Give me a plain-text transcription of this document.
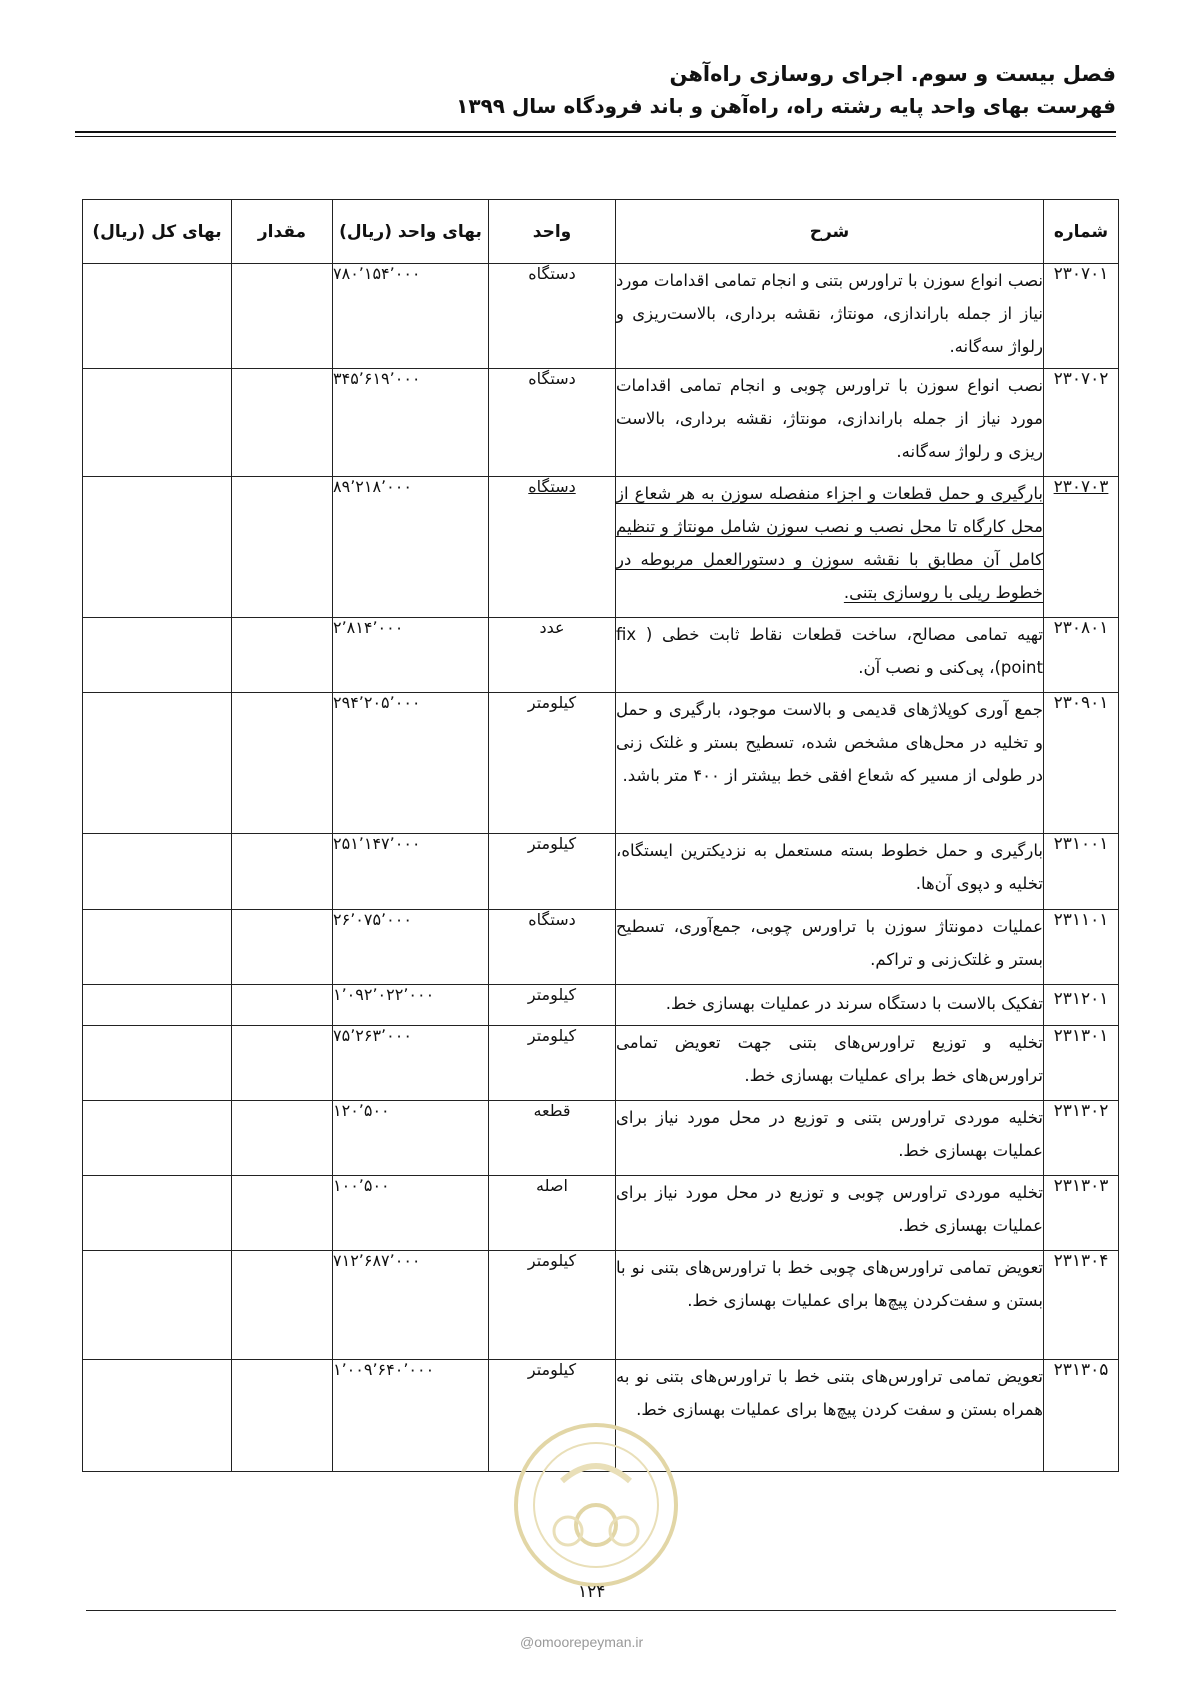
فصل بیست و سوم. اجرای روسازی راه‌آهن
فهرست بهای واحد پایه رشته راه، راه‌آهن و باند فرودگاه سال ۱۳۹۹
شماره	شرح	واحد	بهای واحد (ریال)	مقدار	بهای کل (ریال)
۲۳۰۷۰۱	نصب انواع سوزن با تراورس بتنی و انجام تمامی اقدامات مورد نیاز از جمله باراندازی، مونتاژ، نقشه برداری، بالاست‌ریزی و رلواژ سه‌گانه.	دستگاه	۷۸۰٬۱۵۴٬۰۰۰		
۲۳۰۷۰۲	نصب انواع سوزن با تراورس چوبی و انجام تمامی اقدامات مورد نیاز از جمله باراندازی، مونتاژ، نقشه برداری، بالاست ریزی و رلواژ سه‌گانه.	دستگاه	۳۴۵٬۶۱۹٬۰۰۰		
۲۳۰۷۰۳	بارگیری و حمل قطعات و اجزاء منفصله سوزن به هر شعاع از محل کارگاه تا محل نصب و نصب سوزن شامل مونتاژ و تنظیم کامل آن مطابق با نقشه سوزن و دستورالعمل مربوطه در خطوط ریلی با روسازی بتنی.	دستگاه	۸۹٬۲۱۸٬۰۰۰		
۲۳۰۸۰۱	تهیه تمامی مصالح، ساخت قطعات نقاط ثابت خطی ( fix point)، پی‌کنی و نصب آن.	عدد	۲٬۸۱۴٬۰۰۰		
۲۳۰۹۰۱	جمع آوری کوپلاژهای قدیمی و بالاست موجود، بارگیری و حمل و تخلیه در محل‌های مشخص شده، تسطیح بستر و غلتک زنی در طولی از مسیر که شعاع افقی خط بیشتر از ۴۰۰ متر باشد.	کیلومتر	۲۹۴٬۲۰۵٬۰۰۰		
۲۳۱۰۰۱	بارگیری و حمل خطوط بسته مستعمل به نزدیکترین ایستگاه، تخلیه و دپوی آن‌ها.	کیلومتر	۲۵۱٬۱۴۷٬۰۰۰		
۲۳۱۱۰۱	عملیات دمونتاژ سوزن با تراورس چوبی، جمع‌آوری، تسطیح بستر و غلتک‌زنی و تراکم.	دستگاه	۲۶٬۰۷۵٬۰۰۰		
۲۳۱۲۰۱	تفکیک بالاست با دستگاه سرند در عملیات بهسازی خط.	کیلومتر	۱٬۰۹۲٬۰۲۲٬۰۰۰		
۲۳۱۳۰۱	تخلیه و توزیع تراورس‌های بتنی جهت تعویض تمامی تراورس‌های خط برای عملیات بهسازی خط.	کیلومتر	۷۵٬۲۶۳٬۰۰۰		
۲۳۱۳۰۲	تخلیه موردی تراورس بتنی و توزیع در محل مورد نیاز برای عملیات بهسازی خط.	قطعه	۱۲۰٬۵۰۰		
۲۳۱۳۰۳	تخلیه موردی تراورس چوبی و توزیع در محل مورد نیاز برای عملیات بهسازی خط.	اصله	۱۰۰٬۵۰۰		
۲۳۱۳۰۴	تعویض تمامی تراورس‌های چوبی خط با تراورس‌های بتنی نو با بستن و سفت‌کردن پیچ‌ها برای عملیات بهسازی خط.	کیلومتر	۷۱۲٬۶۸۷٬۰۰۰		
۲۳۱۳۰۵	تعویض تمامی تراورس‌های بتنی خط با تراورس‌های بتنی نو به همراه بستن و سفت کردن پیچ‌ها برای عملیات بهسازی خط.	کیلومتر	۱٬۰۰۹٬۶۴۰٬۰۰۰		
۱۲۴
@omoorepeyman.ir
